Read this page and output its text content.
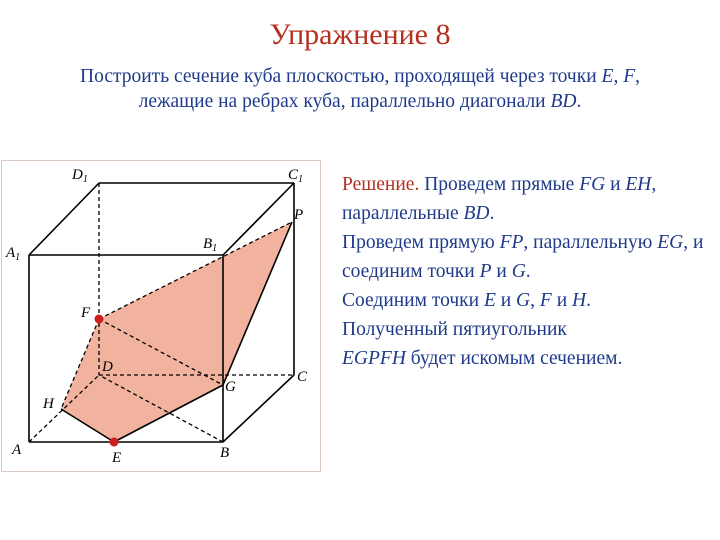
Упражнение 8
Построить сечение куба плоскостью, проходящей через точки E, F,
лежащие на ребрах куба, параллельно диагонали BD.
$D_1$	$C_1$
$A_1$
$B_1$
P
F
D
G
C
H
A	E	B

Решение. Проведем прямые FG и EH, параллельные BD.

Проведем прямую FP, параллельную EG, и соединим точки P и G.

Соединим точки E и G, F и H.
Полученный пятиугольник
EGPFH будет искомым сечением.
